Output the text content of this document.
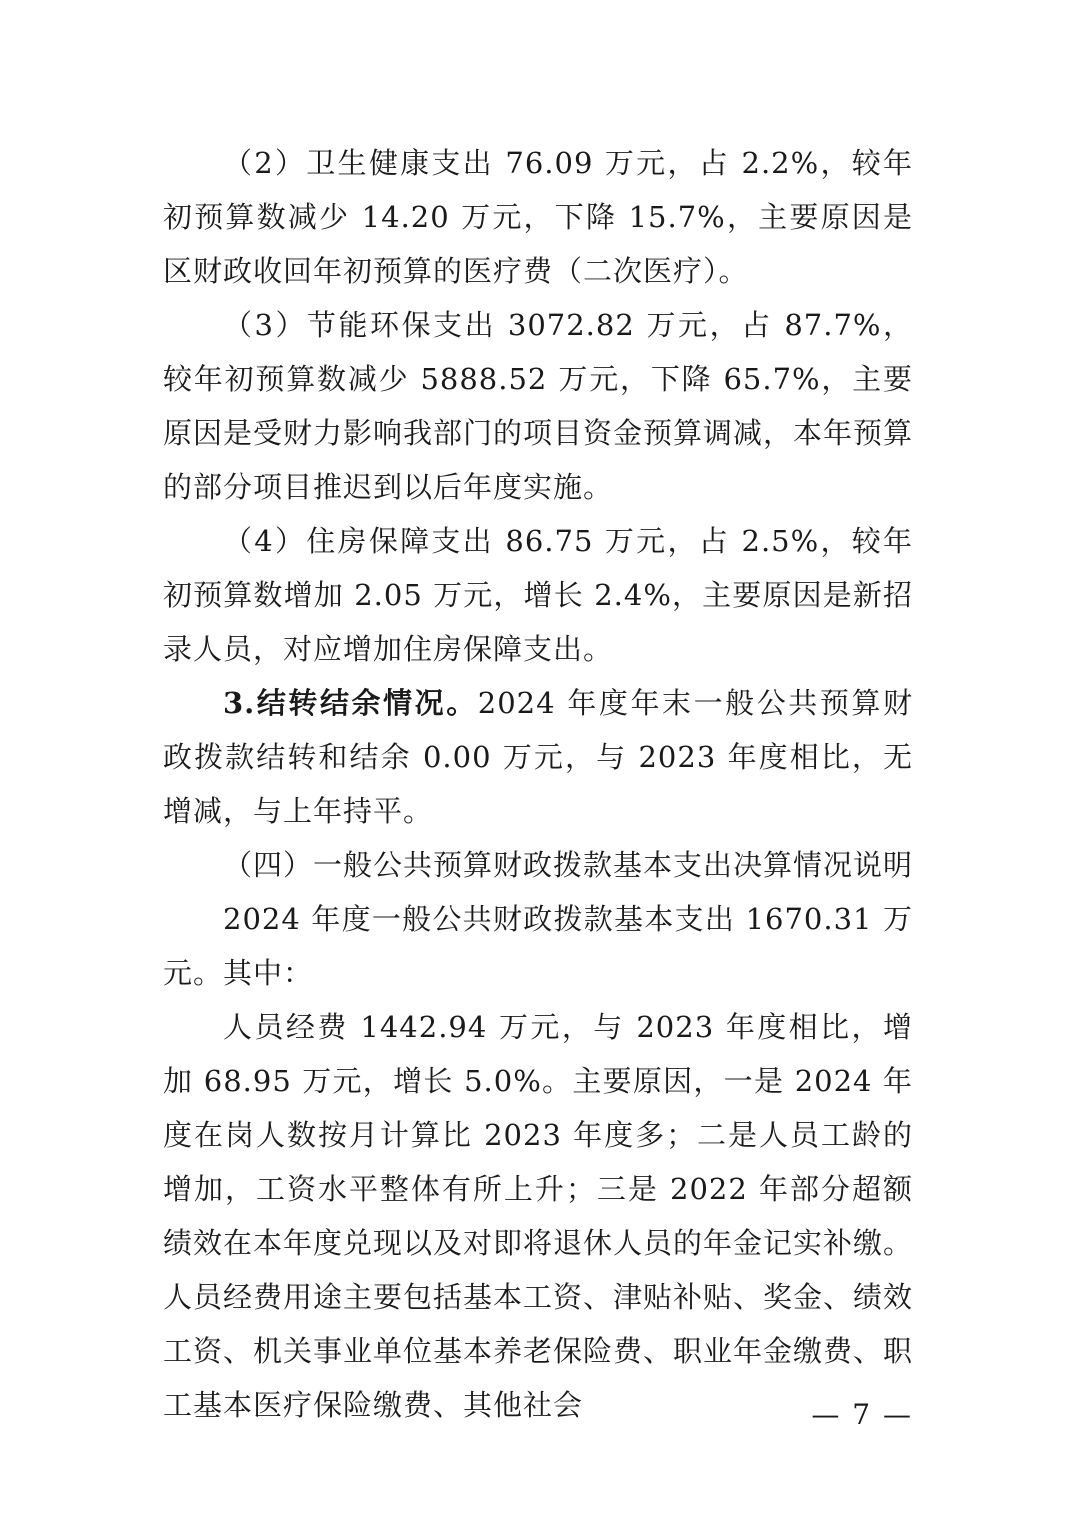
（2）卫生健康支出 76.09 万元，占 2.2%，较年初预算数减少 14.20 万元，下降 15.7%，主要原因是区财政收回年初预算的医疗费（二次医疗）。

（3）节能环保支出 3072.82 万元，占 87.7%，较年初预算数减少 5888.52 万元，下降 65.7%，主要原因是受财力影响我部门的项目资金预算调减，本年预算的部分项目推迟到以后年度实施。

（4）住房保障支出 86.75 万元，占 2.5%，较年初预算数增加 2.05 万元，增长 2.4%，主要原因是新招录人员，对应增加住房保障支出。

3.结转结余情况。2024 年度年末一般公共预算财政拨款结转和结余 0.00 万元，与 2023 年度相比，无增减，与上年持平。

（四）一般公共预算财政拨款基本支出决算情况说明

2024 年度一般公共财政拨款基本支出 1670.31 万元。其中：

人员经费 1442.94 万元，与 2023 年度相比，增加 68.95 万元，增长 5.0%。主要原因，一是 2024 年度在岗人数按月计算比 2023 年度多；二是人员工龄的增加，工资水平整体有所上升；三是 2022 年部分超额绩效在本年度兑现以及对即将退休人员的年金记实补缴。人员经费用途主要包括基本工资、津贴补贴、奖金、绩效工资、机关事业单位基本养老保险费、职业年金缴费、职工基本医疗保险缴费、其他社会	— 7 —
